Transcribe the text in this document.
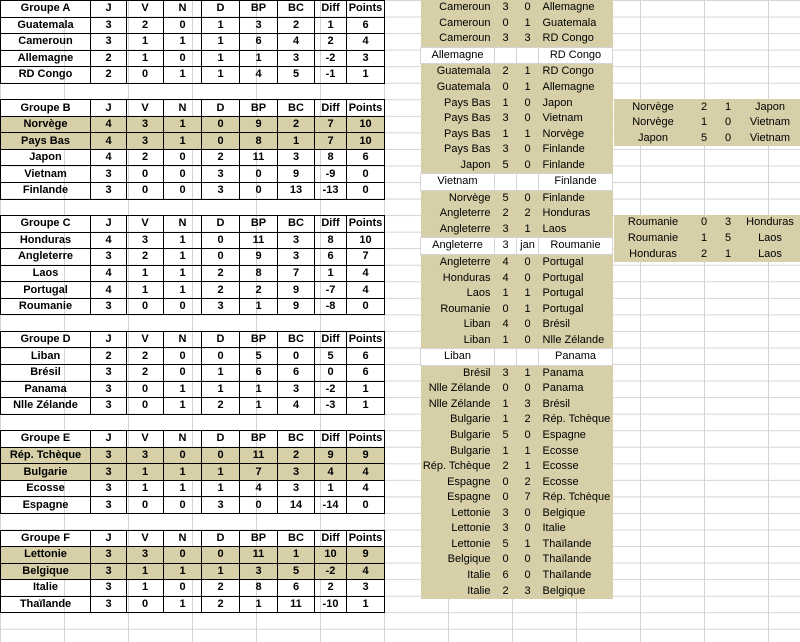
Groupe A	J	V	N	D	BP	BC	Diff	Points
Guatemala	3	2	0	1	3	2	1	6
Cameroun	3	1	1	1	6	4	2	4
Allemagne	2	1	0	1	1	3	-2	3
RD Congo	2	0	1	1	4	5	-1	1

Groupe B	J	V	N	D	BP	BC	Diff	Points
Norvège	4	3	1	0	9	2	7	10
Pays Bas	4	3	1	0	8	1	7	10
Japon	4	2	0	2	11	3	8	6
Vietnam	3	0	0	3	0	9	-9	0
Finlande	3	0	0	3	0	13	-13	0

Groupe C	J	V	N	D	BP	BC	Diff	Points
Honduras	4	3	1	0	11	3	8	10
Angleterre	3	2	1	0	9	3	6	7
Laos	4	1	1	2	8	7	1	4
Portugal	4	1	1	2	2	9	-7	4
Roumanie	3	0	0	3	1	9	-8	0

Groupe D	J	V	N	D	BP	BC	Diff	Points
Liban	2	2	0	0	5	0	5	6
Brésil	3	2	0	1	6	6	0	6
Panama	3	0	1	1	1	3	-2	1
Nlle Zélande	3	0	1	2	1	4	-3	1

Groupe E	J	V	N	D	BP	BC	Diff	Points
Rép. Tchèque	3	3	0	0	11	2	9	9
Bulgarie	3	1	1	1	7	3	4	4
Ecosse	3	1	1	1	4	3	1	4
Espagne	3	0	0	3	0	14	-14	0

Groupe F	J	V	N	D	BP	BC	Diff	Points
Lettonie	3	3	0	0	11	1	10	9
Belgique	3	1	1	1	3	5	-2	4
Italie	3	1	0	2	8	6	2	3
Thaïlande	3	0	1	2	1	11	-10	1
Cameroun	3	0	Allemagne
Cameroun	0	1	Guatemala
Cameroun	3	3	RD Congo
Allemagne			RD Congo
Guatemala	2	1	RD Congo
Guatemala	0	1	Allemagne
Pays Bas	1	0	Japon
Pays Bas	3	0	Vietnam
Pays Bas	1	1	Norvège
Pays Bas	3	0	Finlande
Japon	5	0	Finlande
Vietnam			Finlande
Norvège	5	0	Finlande
Angleterre	2	2	Honduras
Angleterre	3	1	Laos
Angleterre	3	jan	Roumanie
Angleterre	4	0	Portugal
Honduras	4	0	Portugal
Laos	1	1	Portugal
Roumanie	0	1	Portugal
Liban	4	0	Brésil
Liban	1	0	Nlle Zélande
Liban			Panama
Brésil	3	1	Panama
Nlle Zélande	0	0	Panama
Nlle Zélande	1	3	Brésil
Bulgarie	1	2	Rép. Tchèque
Bulgarie	5	0	Espagne
Bulgarie	1	1	Ecosse
Rép. Tchèque	2	1	Ecosse
Espagne	0	2	Ecosse
Espagne	0	7	Rép. Tchèque
Lettonie	3	0	Belgique
Lettonie	3	0	Italie
Lettonie	5	1	Thaïlande
Belgique	0	0	Thaïlande
Italie	6	0	Thaïlande
Italie	2	3	Belgique
Norvège	2	1	Japon
Norvège	1	0	Vietnam
Japon	5	0	Vietnam
Roumanie	0	3	Honduras
Roumanie	1	5	Laos
Honduras	2	1	Laos
